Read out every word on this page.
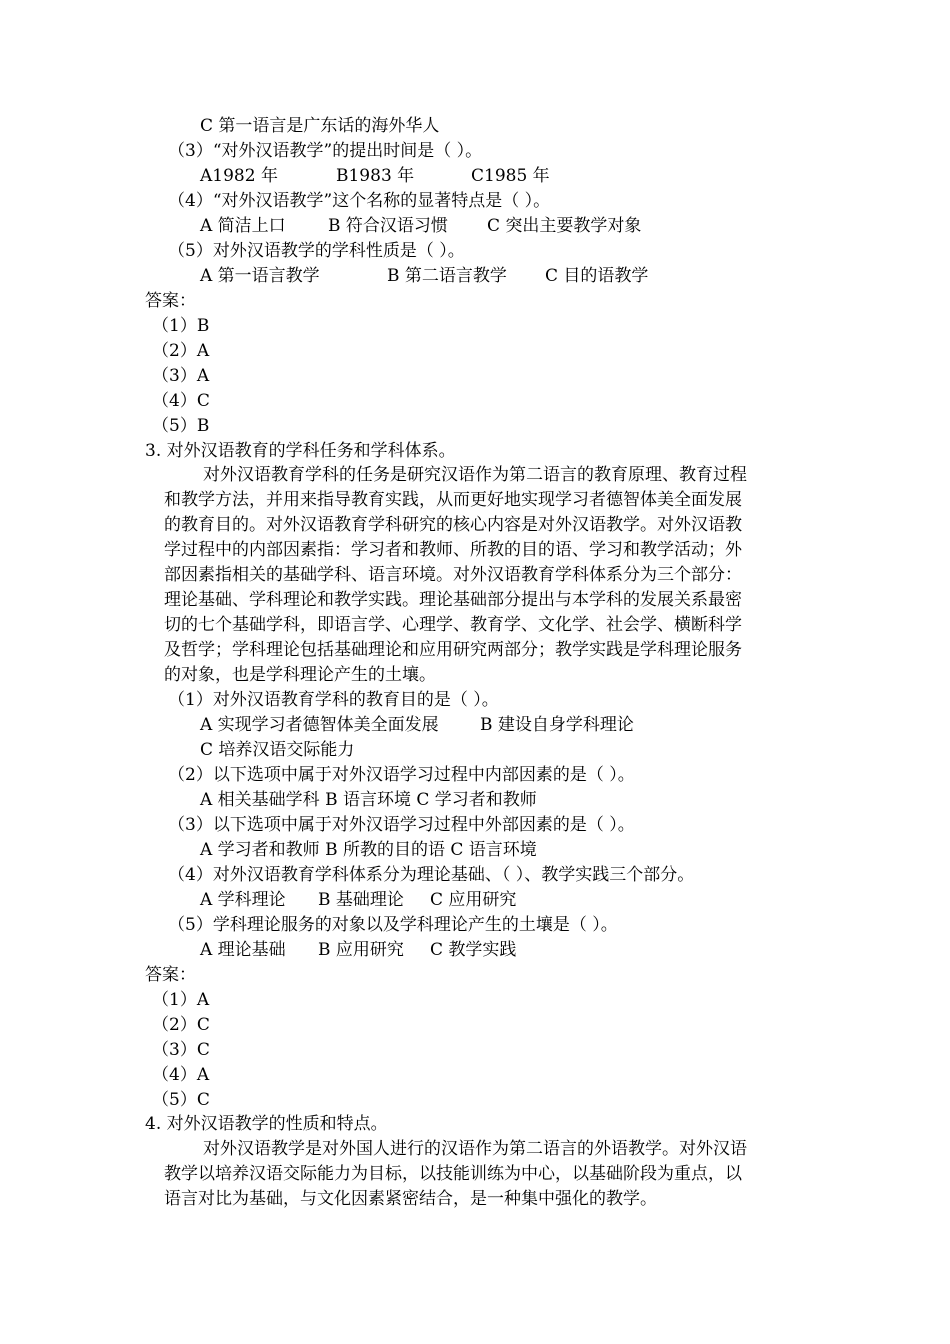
C 第一语言是广东话的海外华人
（3）“对外汉语教学”的提出时间是（ ）。
A1982 年	B1983 年	C1985 年
（4）“对外汉语教学”这个名称的显著特点是（ ）。
A 简洁上口 B 符合汉语习惯 C 突出主要教学对象
（5）对外汉语教学的学科性质是（ ）。
A 第一语言教学	B 第二语言教学 C 目的语教学
答案：
（1）B
（2）A
（3）A
（4）C
（5）B
3. 对外汉语教育的学科任务和学科体系。
对外汉语教育学科的任务是研究汉语作为第二语言的教育原理、教育过程
和教学方法，并用来指导教育实践，从而更好地实现学习者德智体美全面发展
的教育目的。对外汉语教育学科研究的核心内容是对外汉语教学。对外汉语教
学过程中的内部因素指：学习者和教师、所教的目的语、学习和教学活动；外
部因素指相关的基础学科、语言环境。对外汉语教育学科体系分为三个部分：
理论基础、学科理论和教学实践。理论基础部分提出与本学科的发展关系最密
切的七个基础学科，即语言学、心理学、教育学、文化学、社会学、横断科学
及哲学；学科理论包括基础理论和应用研究两部分；教学实践是学科理论服务
的对象，也是学科理论产生的土壤。
（1）对外汉语教育学科的教育目的是（ ）。
A 实现学习者德智体美全面发展 B 建设自身学科理论
C 培养汉语交际能力
（2）以下选项中属于对外汉语学习过程中内部因素的是（ ）。
A 相关基础学科 B 语言环境 C 学习者和教师
（3）以下选项中属于对外汉语学习过程中外部因素的是（ ）。
A 学习者和教师 B 所教的目的语 C 语言环境
（4）对外汉语教育学科体系分为理论基础、（ ）、教学实践三个部分。
A 学科理论 B 基础理论 C 应用研究
（5）学科理论服务的对象以及学科理论产生的土壤是（ ）。
A 理论基础 B 应用研究 C 教学实践
答案：
（1）A
（2）C
（3）C
（4）A
（5）C
4. 对外汉语教学的性质和特点。
对外汉语教学是对外国人进行的汉语作为第二语言的外语教学。对外汉语
教学以培养汉语交际能力为目标，以技能训练为中心，以基础阶段为重点，以
语言对比为基础，与文化因素紧密结合，是一种集中强化的教学。
